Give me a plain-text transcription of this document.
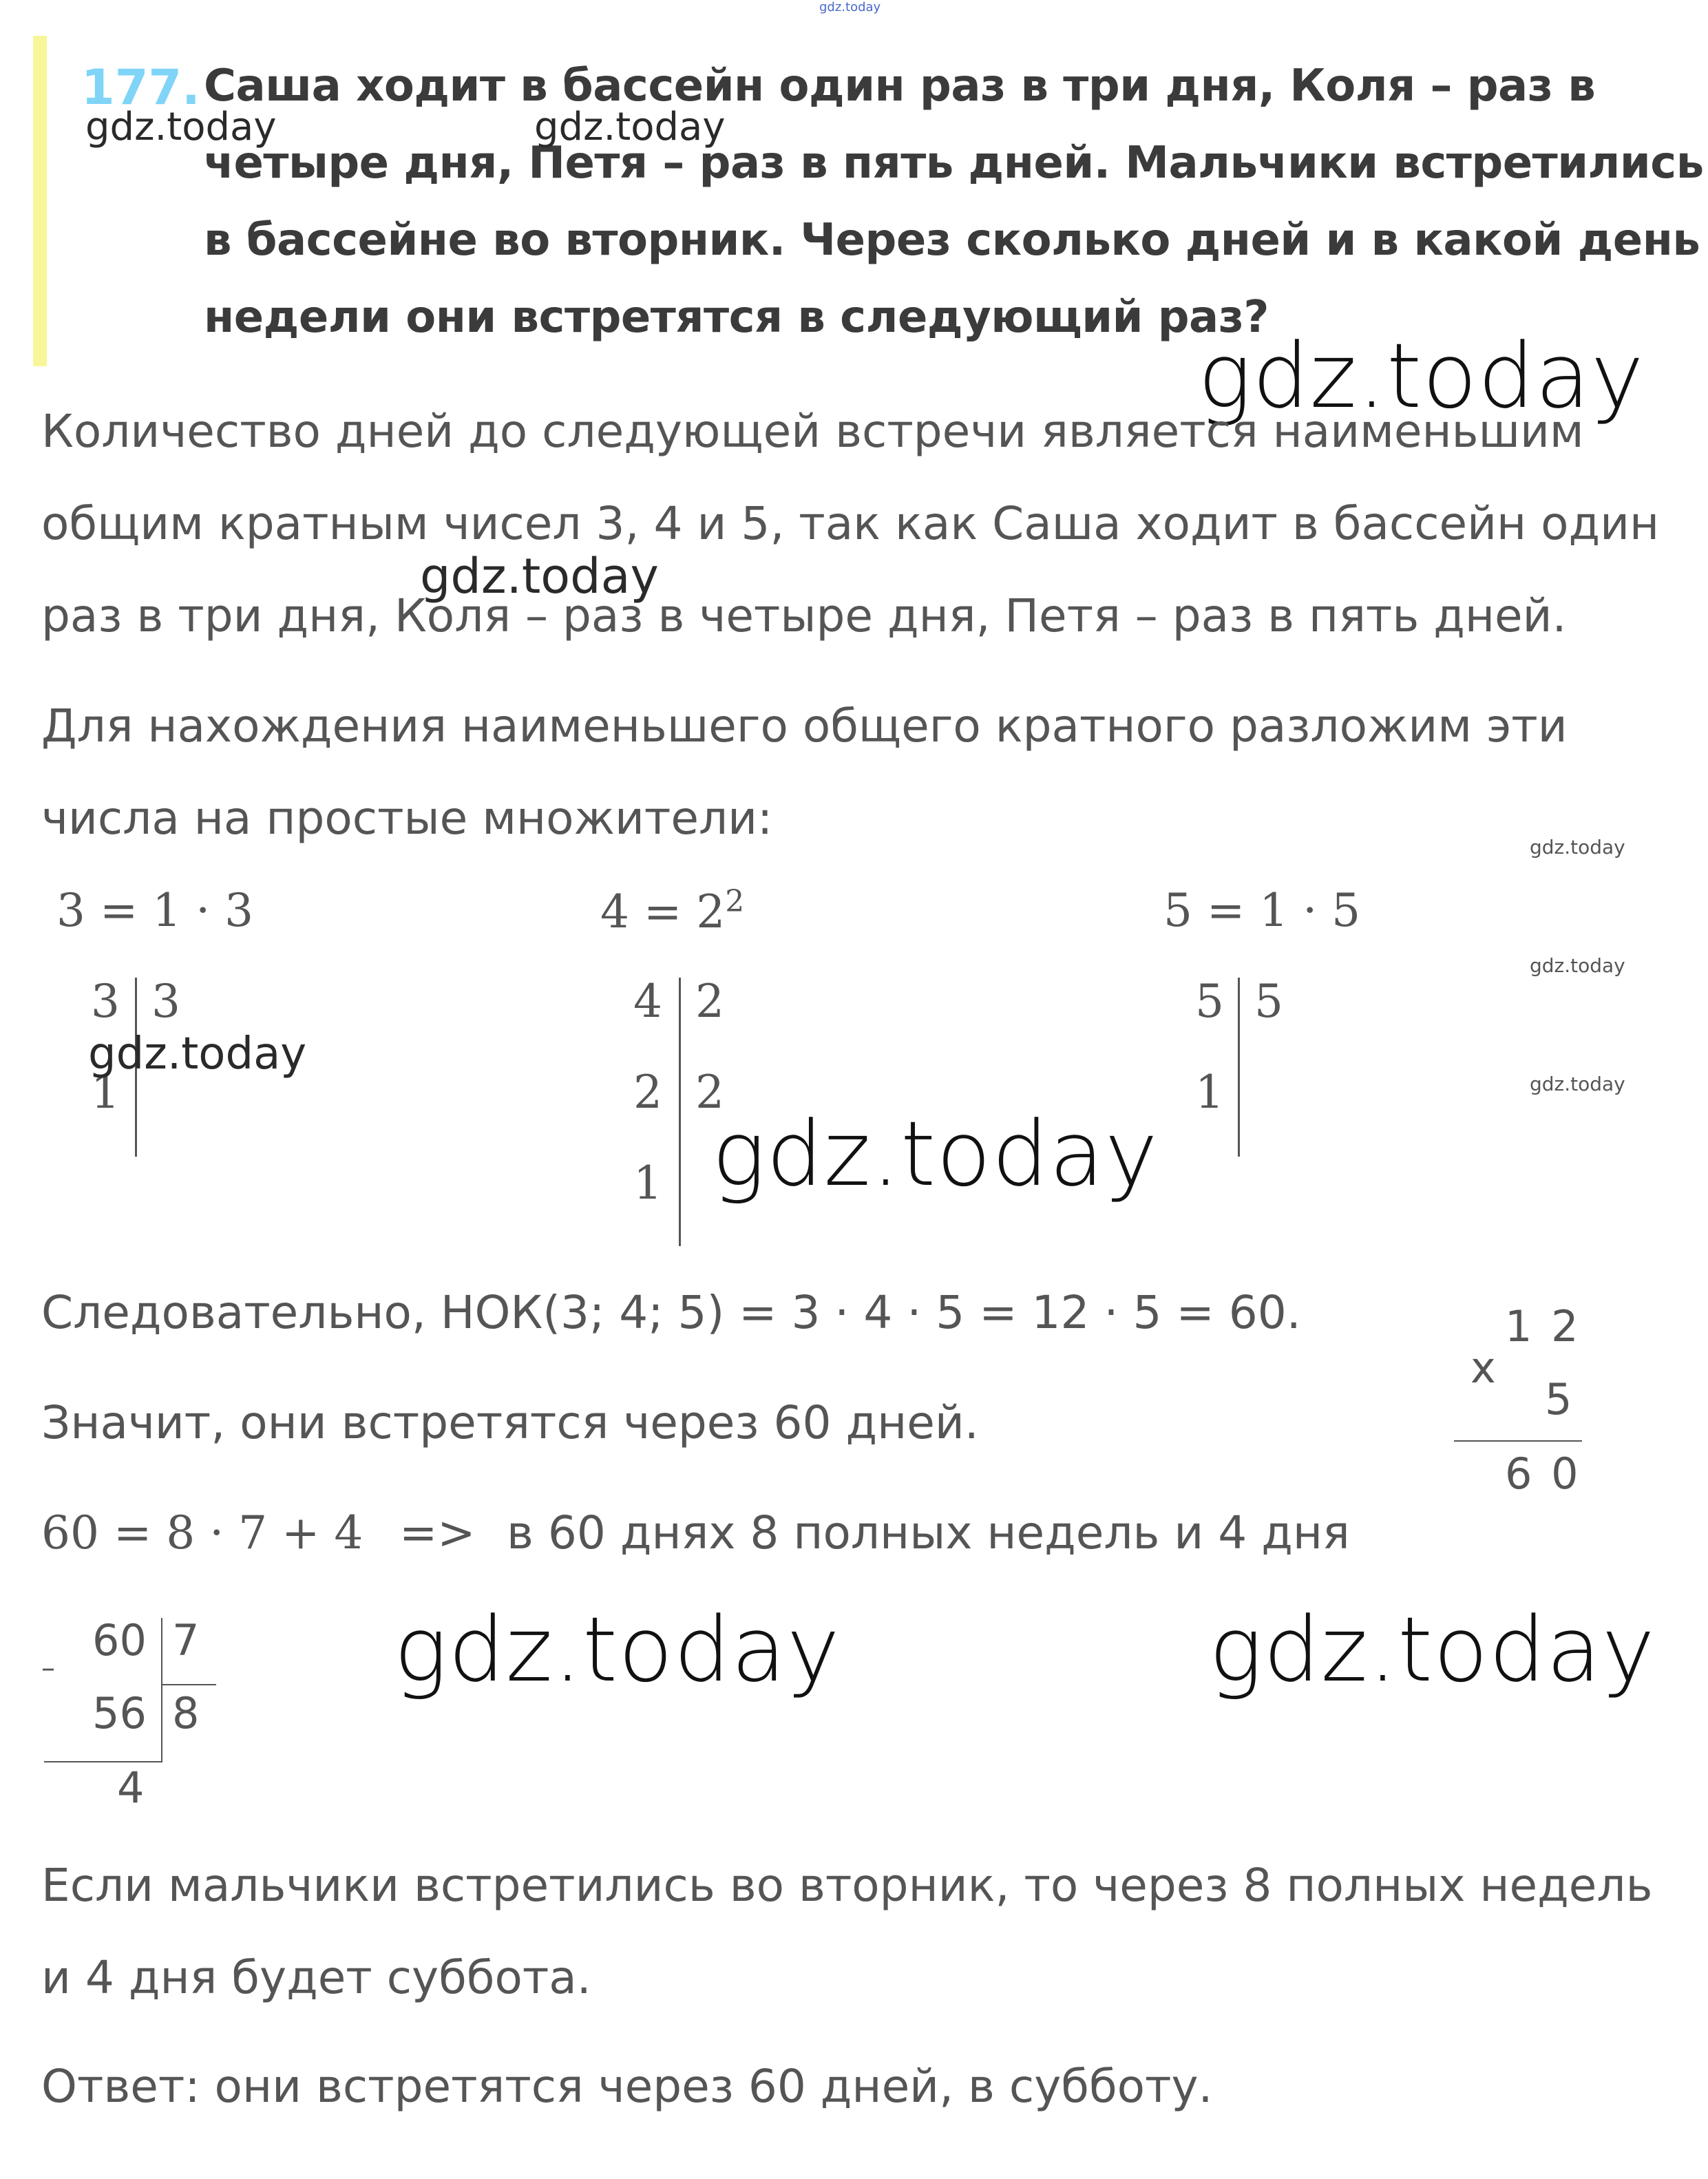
gdz.today
177. Саша ходит в бассейн один раз в три дня, Коля – раз в
четыре дня, Петя – раз в пять дней. Мальчики встретились
в бассейне во вторник. Через сколько дней и в какой день
недели они встретятся в следующий раз?
gdz.today	gdz.today
gdz.today
Количество дней до следующей встречи является наименьшим
общим кратным чисел 3, 4 и 5, так как Саша ходит в бассейн один
раз в три дня, Коля – раз в четыре дня, Петя – раз в пять дней.
gdz.today
Для нахождения наименьшего общего кратного разложим эти
числа на простые множители:
gdz.today
gdz.today
gdz.today
3 = 1 · 3	$4 = 2^2$	5 = 1 · 5
3
1
3
gdz.today
4
2
1
2
2
gdz.today
5
1
5
Следовательно, НОК(3; 4; 5) = 3 · 4 · 5 = 12 · 5 = 60.
Значит, они встретятся через 60 дней.
x
1 2
5
6 0
60 = 8 · 7 + 4 => в 60 днях 8 полных недель и 4 дня
60 7
–
56 8
4
gdz.today	gdz.today
Если мальчики встретились во вторник, то через 8 полных недель
и 4 дня будет суббота.
Ответ: они встретятся через 60 дней, в субботу.
